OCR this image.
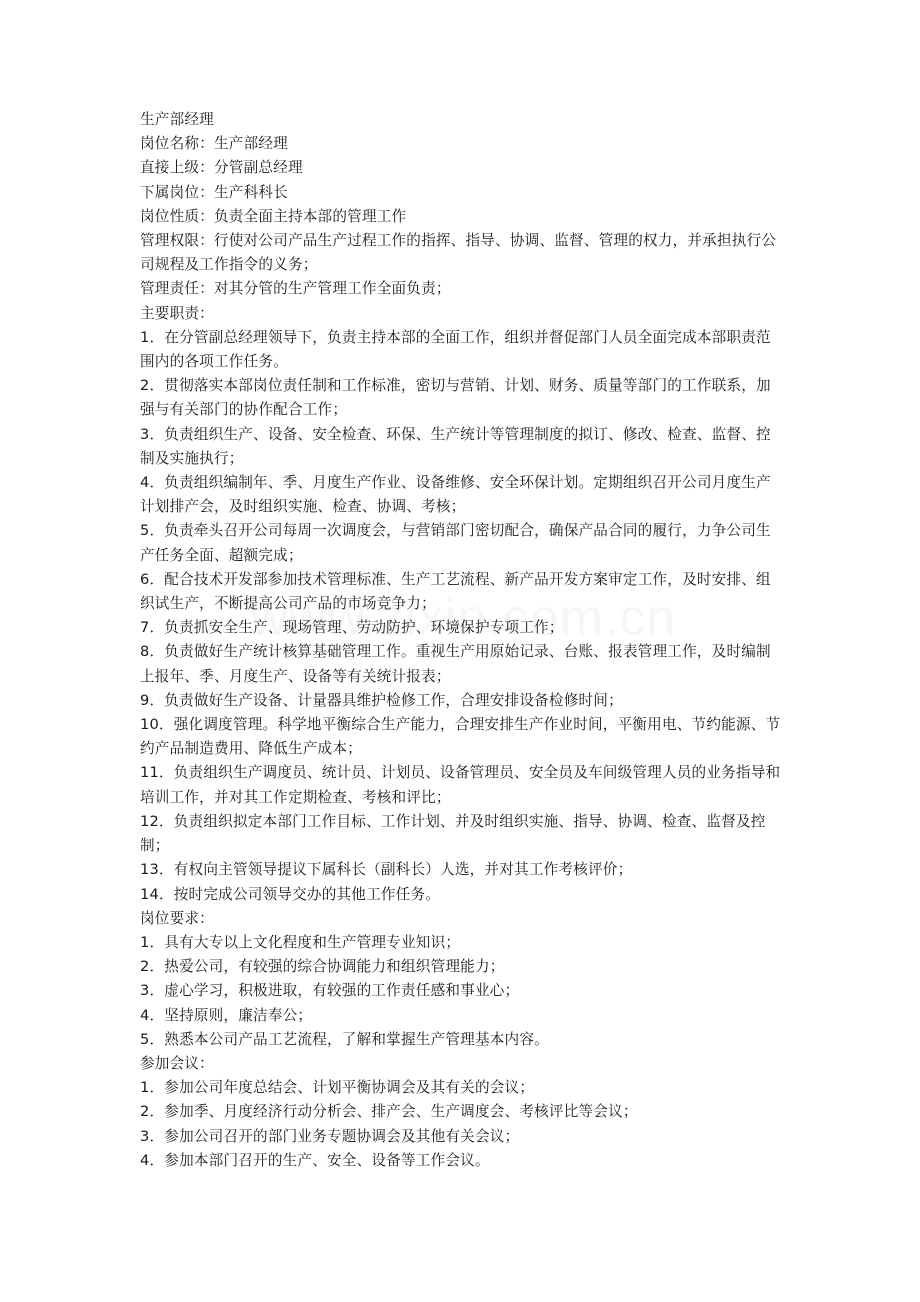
生产部经理

岗位名称：生产部经理

直接上级：分管副总经理

下属岗位：生产科科长

岗位性质：负责全面主持本部的管理工作

管理权限：行使对公司产品生产过程工作的指挥、指导、协调、监督、管理的权力，并承担执行公司规程及工作指令的义务；

管理责任：对其分管的生产管理工作全面负责；

主要职责：

1．在分管副总经理领导下，负责主持本部的全面工作，组织并督促部门人员全面完成本部职责范围内的各项工作任务。

2．贯彻落实本部岗位责任制和工作标准，密切与营销、计划、财务、质量等部门的工作联系，加强与有关部门的协作配合工作；

3．负责组织生产、设备、安全检查、环保、生产统计等管理制度的拟订、修改、检查、监督、控制及实施执行；

4．负责组织编制年、季、月度生产作业、设备维修、安全环保计划。定期组织召开公司月度生产计划排产会，及时组织实施、检查、协调、考核；

5．负责牵头召开公司每周一次调度会，与营销部门密切配合，确保产品合同的履行，力争公司生产任务全面、超额完成；

6．配合技术开发部参加技术管理标准、生产工艺流程、新产品开发方案审定工作，及时安排、组织试生产，不断提高公司产品的市场竞争力；

7．负责抓安全生产、现场管理、劳动防护、环境保护专项工作；

8．负责做好生产统计核算基础管理工作。重视生产用原始记录、台账、报表管理工作，及时编制上报年、季、月度生产、设备等有关统计报表；

9．负责做好生产设备、计量器具维护检修工作，合理安排设备检修时间；

10．强化调度管理。科学地平衡综合生产能力，合理安排生产作业时间，平衡用电、节约能源、节约产品制造费用、降低生产成本；

11．负责组织生产调度员、统计员、计划员、设备管理员、安全员及车间级管理人员的业务指导和培训工作，并对其工作定期检查、考核和评比；

12．负责组织拟定本部门工作目标、工作计划、并及时组织实施、指导、协调、检查、监督及控制；

13．有权向主管领导提议下属科长（副科长）人选，并对其工作考核评价；

14．按时完成公司领导交办的其他工作任务。

岗位要求：

1．具有大专以上文化程度和生产管理专业知识；

2．热爱公司，有较强的综合协调能力和组织管理能力；

3．虚心学习，积极进取，有较强的工作责任感和事业心；

4．坚持原则，廉洁奉公；

5．熟悉本公司产品工艺流程，了解和掌握生产管理基本内容。

参加会议：

1．参加公司年度总结会、计划平衡协调会及其有关的会议；

2．参加季、月度经济行动分析会、排产会、生产调度会、考核评比等会议；

3．参加公司召开的部门业务专题协调会及其他有关会议；

4．参加本部门召开的生产、安全、设备等工作会议。
